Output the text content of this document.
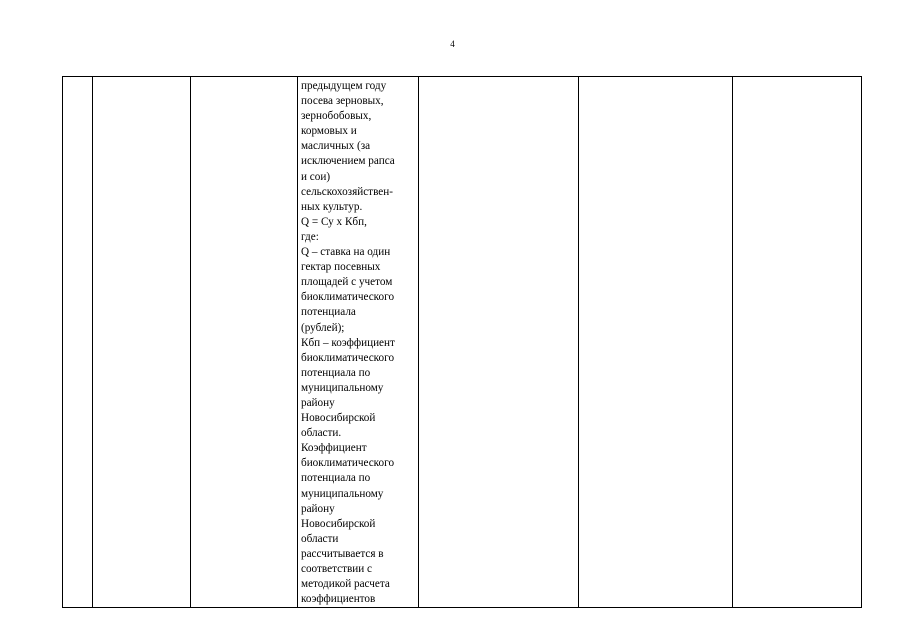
4

предыдущем году
посева зерновых,
зернобобовых,
кормовых и
масличных (за
исключением рапса
и сои)
сельскохозяйствен-
ных культур.
Q = Су х Кбп,
где:
Q – ставка на один
гектар посевных
площадей с учетом
биоклиматического
потенциала
(рублей);
Кбп – коэффициент
биоклиматического
потенциала по
муниципальному
району
Новосибирской
области.
Коэффициент
биоклиматического
потенциала по
муниципальному
району
Новосибирской
области
рассчитывается в
соответствии с
методикой расчета
коэффициентов
